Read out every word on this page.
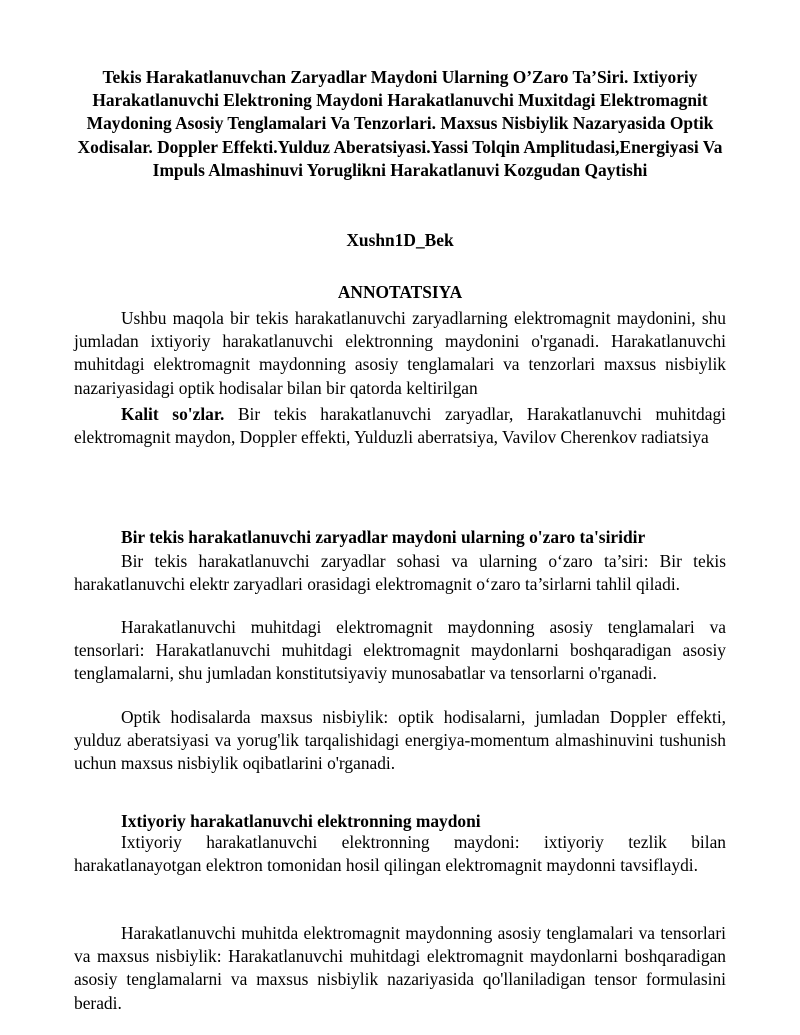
Tekis Harakatlanuvchan Zaryadlar Maydoni Ularning O’Zaro Ta’Siri. Ixtiyoriy Harakatlanuvchi Elektroning Maydoni Harakatlanuvchi Muxitdagi Elektromagnit Maydoning Asosiy Tenglamalari Va Tenzorlari. Maxsus Nisbiylik Nazaryasida Optik Xodisalar. Doppler Effekti.Yulduz Aberatsiyasi.Yassi Tolqin Amplitudasi,Energiyasi Va Impuls Almashinuvi Yoruglikni Harakatlanuvi Kozgudan Qaytishi

Xushn1D_Bek

ANNOTATSIYA

Ushbu maqola bir tekis harakatlanuvchi zaryadlarning elektromagnit maydonini, shu jumladan ixtiyoriy harakatlanuvchi elektronning maydonini o'rganadi. Harakatlanuvchi muhitdagi elektromagnit maydonning asosiy tenglamalari va tenzorlari maxsus nisbiylik nazariyasidagi optik hodisalar bilan bir qatorda keltirilgan

Kalit so'zlar. Bir tekis harakatlanuvchi zaryadlar, Harakatlanuvchi muhitdagi elektromagnit maydon, Doppler effekti, Yulduzli aberratsiya, Vavilov Cherenkov radiatsiya

Bir tekis harakatlanuvchi zaryadlar maydoni ularning o'zaro ta'siridir

Bir tekis harakatlanuvchi zaryadlar sohasi va ularning o‘zaro ta’siri: Bir tekis harakatlanuvchi elektr zaryadlari orasidagi elektromagnit o‘zaro ta’sirlarni tahlil qiladi.

Harakatlanuvchi muhitdagi elektromagnit maydonning asosiy tenglamalari va tensorlari: Harakatlanuvchi muhitdagi elektromagnit maydonlarni boshqaradigan asosiy tenglamalarni, shu jumladan konstitutsiyaviy munosabatlar va tensorlarni o'rganadi.

Optik hodisalarda maxsus nisbiylik: optik hodisalarni, jumladan Doppler effekti, yulduz aberatsiyasi va yorug'lik tarqalishidagi energiya-momentum almashinuvini tushunish uchun maxsus nisbiylik oqibatlarini o'rganadi.

Ixtiyoriy harakatlanuvchi elektronning maydoni

Ixtiyoriy harakatlanuvchi elektronning maydoni: ixtiyoriy tezlik bilan harakatlanayotgan elektron tomonidan hosil qilingan elektromagnit maydonni tavsiflaydi.

Harakatlanuvchi muhitda elektromagnit maydonning asosiy tenglamalari va tensorlari va maxsus nisbiylik: Harakatlanuvchi muhitdagi elektromagnit maydonlarni boshqaradigan asosiy tenglamalarni va maxsus nisbiylik nazariyasida qo'llaniladigan tensor formulasini beradi.
